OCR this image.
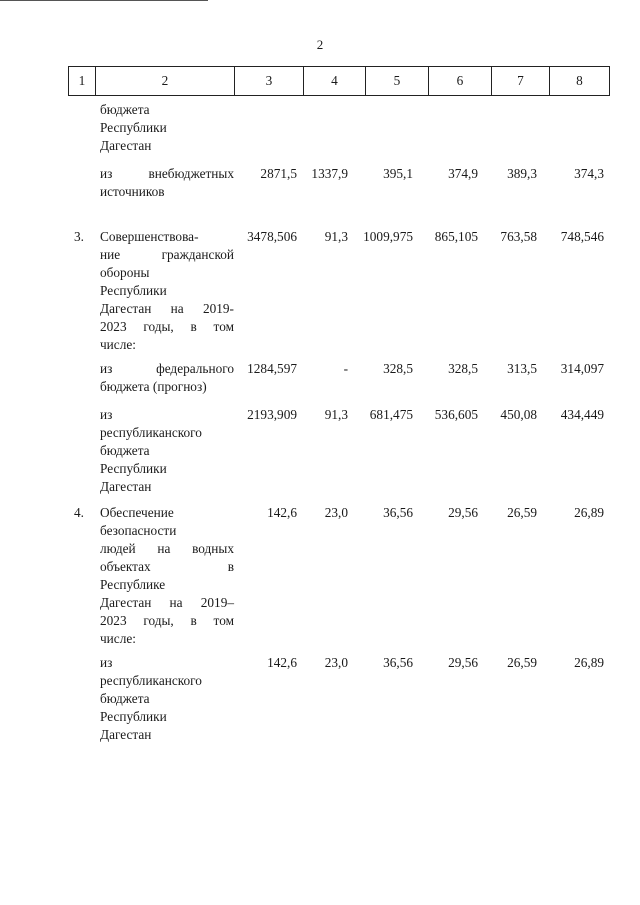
2
1	2	3	4	5	6	7	8
бюджета
Республики
Дагестан
из внебюджетных
источников
2871,5 1337,9	395,1	374,9 389,3	374,3
3. Совершенствова-
ние гражданской
обороны
Республики
Дагестан на 2019-
2023 годы, в том
числе:
3478,506 91,3 1009,975 865,105 763,58 748,546
из федерального
бюджета (прогноз)
1284,597	-	328,5	328,5 313,5 314,097
из
республиканского
бюджета
Республики
Дагестан
2193,909 91,3 681,475 536,605 450,08 434,449
4. Обеспечение
безопасности
людей на водных
объектах в
Республике
Дагестан на 2019–
2023 годы, в том
числе:
142,6 23,0	36,56	29,56 26,59	26,89
из
республиканского
бюджета
Республики
Дагестан
142,6 23,0	36,56	29,56 26,59	26,89
